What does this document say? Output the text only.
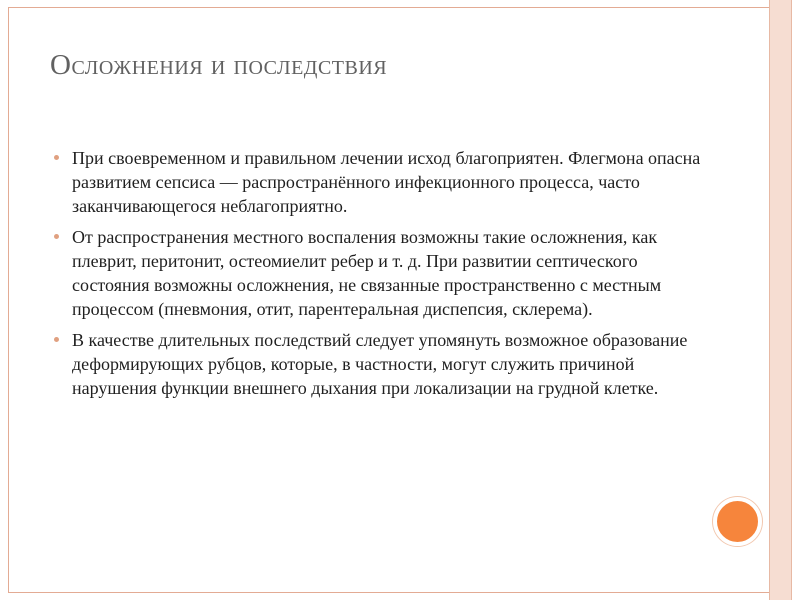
Осложнения и последствия
При своевременном и правильном лечении исход благоприятен. Флегмона опасна развитием сепсиса — распространённого инфекционного процесса, часто заканчивающегося неблагоприятно.
От распространения местного воспаления возможны такие осложнения, как плеврит, перитонит, остеомиелит ребер и т. д. При развитии септического состояния возможны осложнения, не связанные пространственно с местным процессом (пневмония, отит, парентеральная диспепсия, склерема).
В качестве длительных последствий следует упомянуть возможное образование деформирующих рубцов, которые, в частности, могут служить причиной нарушения функции внешнего дыхания при локализации на грудной клетке.
